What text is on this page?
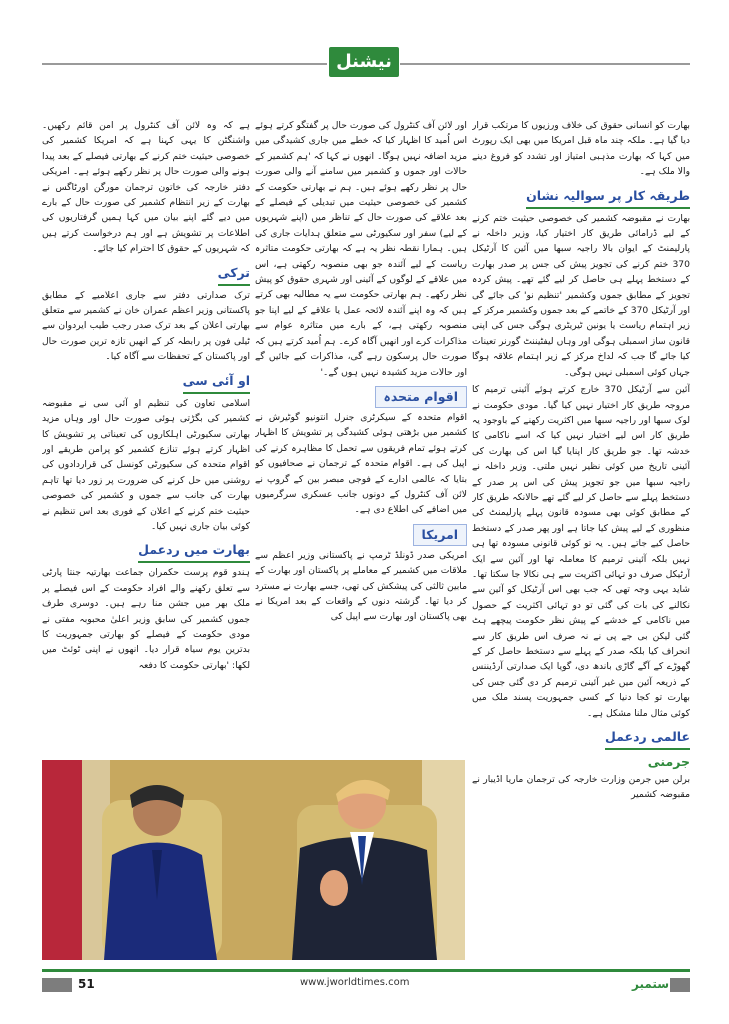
نیشنل

بھارت کو انسانی حقوق کی خلاف ورزیوں کا مرتکب قرار دیا گیا ہے۔ ملکہ چند ماہ قبل امریکا میں بھی ایک رپورٹ میں کہا کہ بھارت مذہبی امتیاز اور تشدد کو فروغ دینے والا ملک ہے۔

طریقہ کار پر سوالیہ نشان

بھارت نے مقبوضہ کشمیر کی خصوصی حیثیت ختم کرنے کے لیے ڈرامائی طریق کار اختیار کیا، وزیر داخلہ نے پارلیمنٹ کے ایوان بالا راجیہ سبھا میں آئین کا آرٹیکل 370 ختم کرنے کی تجویز پیش کی جس پر صدر بھارت کے دستخط پہلے ہی حاصل کر لیے گئے تھے۔ پیش کردہ تجویز کے مطابق جموں وکشمیر 'تنظیم نو' کی جائے گی اور آرٹیکل 370 کے خاتمے کے بعد جموں وکشمیر مرکز کے زیر اہتمام ریاست یا یونین ٹیریٹری ہوگی جس کی اپنی قانون ساز اسمبلی ہوگی اور وہاں لیفٹیننٹ گورنر تعینات کیا جائے گا جب کہ لداخ مرکز کے زیر اہتمام علاقہ ہوگا جہاں کوئی اسمبلی نہیں ہوگی۔

آئین سے آرٹیکل 370 خارج کرتے ہوئے آئینی ترمیم کا مروجہ طریق کار اختیار نہیں کیا گیا۔ مودی حکومت نے لوک سبھا اور راجیہ سبھا میں اکثریت رکھنے کے باوجود یہ طریق کار اس لیے اختیار نہیں کیا کہ اسے ناکامی کا خدشہ تھا۔ جو طریق کار اپنایا گیا اس کی بھارت کی آئینی تاریخ میں کوئی نظیر نہیں ملتی۔ وزیر داخلہ نے راجیہ سبھا میں جو تجویز پیش کی اس پر صدر کے دستخط پہلے سے حاصل کر لیے گئے تھے حالانکہ طریق کار کے مطابق کوئی بھی مسودہ قانون پہلے پارلیمنٹ کی منظوری کے لیے پیش کیا جاتا ہے اور پھر صدر کے دستخط حاصل کیے جاتے ہیں۔ یہ تو کوئی قانونی مسودہ تھا ہی نہیں بلکہ آئینی ترمیم کا معاملہ تھا اور آئین سے ایک آرٹیکل صرف دو تہائی اکثریت سے ہی نکالا جا سکتا تھا۔ شاید یہی وجہ تھی کہ جب بھی اس آرٹیکل کو آئین سے نکالنے کی بات کی گئی تو دو تہائی اکثریت کے حصول میں ناکامی کے خدشے کے پیش نظر حکومت پیچھے ہٹ گئی لیکن بی جے پی نے نہ صرف اس طریق کار سے انحراف کیا بلکہ صدر کے پہلے سے دستخط حاصل کر کے گھوڑے کے آگے گاڑی باندھ دی، گویا ایک صدارتی آرڈیننس کے ذریعہ آئین میں غیر آئینی ترمیم کر دی گئی جس کی بھارت تو کجا دنیا کے کسی جمہوریت پسند ملک میں کوئی مثال ملنا مشکل ہے۔

عالمی ردعمل
جرمنی

برلن میں جرمن وزارت خارجہ کی ترجمان ماریا اڈیبار نے مقبوضہ کشمیر

اور لائن آف کنٹرول کی صورت حال پر گفتگو کرتے ہوئے اس اُمید کا اظہار کیا کہ خطے میں جاری کشیدگی میں مزید اضافہ نہیں ہوگا۔ انھوں نے کہا کہ 'ہم کشمیر کے حالات اور جموں و کشمیر میں سامنے آنے والی صورت حال پر نظر رکھے ہوئے ہیں۔ ہم نے بھارتی حکومت کے کشمیر کی خصوصی حیثیت میں تبدیلی کے فیصلے کے بعد علاقے کی صورت حال کے تناظر میں (اپنے شہریوں کے لیے) سفر اور سکیورٹی سے متعلق ہدایات جاری کی ہیں۔ ہمارا نقطہ نظر یہ ہے کہ بھارتی حکومت متاثرہ ریاست کے لیے آئندہ جو بھی منصوبہ رکھتی ہے، اس میں علاقے کے لوگوں کے آئینی اور شہری حقوق کو پیش نظر رکھے۔ ہم بھارتی حکومت سے یہ مطالبہ بھی کرتے ہیں کہ وہ اپنے آئندہ لائحہ عمل یا علاقے کے لیے اپنا جو منصوبہ رکھتی ہے، کے بارے میں متاثرہ عوام سے مذاکرات کرے اور انھیں آگاہ کرے۔ ہم اُمید کرتے ہیں کہ صورت حال پرسکون رہے گی، مذاکرات کیے جائیں گے اور حالات مزید کشیدہ نہیں ہوں گے۔'

اقوام متحدہ

اقوام متحدہ کے سیکرٹری جنرل انتونیو گوٹیرش نے کشمیر میں بڑھتی ہوئی کشیدگی پر تشویش کا اظہار کرتے ہوئے تمام فریقوں سے تحمل کا مظاہرہ کرنے کی اپیل کی ہے۔ اقوام متحدہ کے ترجمان نے صحافیوں کو بتایا کہ عالمی ادارے کے فوجی مبصر بین کے گروپ نے لائن آف کنٹرول کے دونوں جانب عسکری سرگرمیوں میں اضافے کی اطلاع دی ہے۔

امریکا

امریکی صدر ڈونلڈ ٹرمپ نے پاکستانی وزیر اعظم سے ملاقات میں کشمیر کے معاملے پر پاکستان اور بھارت کے مابین ثالثی کی پیشکش کی تھی، جسے بھارت نے مسترد کر دیا تھا۔ گزشتہ دنوں کے واقعات کے بعد امریکا نے بھی پاکستان اور بھارت سے اپیل کی

ہے کہ وہ لائن آف کنٹرول پر امن قائم رکھیں۔ واشنگٹن کا یہی کہنا ہے کہ امریکا کشمیر کی خصوصی حیثیت ختم کرنے کے بھارتی فیصلے کے بعد پیدا ہونے والی صورت حال پر نظر رکھے ہوئے ہے۔ امریکی دفتر خارجہ کی خاتون ترجمان مورگن اورٹاگس نے بھارت کے زیر انتظام کشمیر کی صورت حال کے بارے میں دیے گئے اپنے بیان میں کہا ہمیں گرفتاریوں کی اطلاعات پر تشویش ہے اور ہم درخواست کرتے ہیں کہ شہریوں کے حقوق کا احترام کیا جائے۔

ترکی

ترک صدارتی دفتر سے جاری اعلامیے کے مطابق پاکستانی وزیر اعظم عمران خان نے کشمیر سے متعلق بھارتی اعلان کے بعد ترک صدر رجب طیب ایردوان سے ٹیلی فون پر رابطہ کر کے انھیں تازہ ترین صورت حال اور پاکستان کے تحفظات سے آگاہ کیا۔

او آئی سی

اسلامی تعاون کی تنظیم او آئی سی نے مقبوضہ کشمیر کی بگڑتی ہوئی صورت حال اور وہاں مزید بھارتی سکیورٹی اہلکاروں کی تعیناتی پر تشویش کا اظہار کرتے ہوئے تنازع کشمیر کو پرامن طریقے اور اقوام متحدہ کی سکیورٹی کونسل کی قراردادوں کی روشنی میں حل کرنے کی ضرورت پر زور دیا تھا تاہم بھارت کی جانب سے جموں و کشمیر کی خصوصی حیثیت ختم کرنے کے اعلان کے فوری بعد اس تنظیم نے کوئی بیان جاری نہیں کیا۔

بھارت میں ردعمل

ہندو قوم پرست حکمران جماعت بھارتیہ جنتا پارٹی سے تعلق رکھنے والے افراد حکومت کے اس فیصلے پر ملک بھر میں جشن منا رہے ہیں۔ دوسری طرف جموں کشمیر کی سابق وزیر اعلیٰ محبوبہ مفتی نے مودی حکومت کے فیصلے کو بھارتی جمہوریت کا بدترین یوم سیاہ قرار دیا۔ انھوں نے اپنی ٹوئٹ میں لکھا: 'بھارتی حکومت کا دفعہ

51	www.jworldtimes.com	ستمبر
